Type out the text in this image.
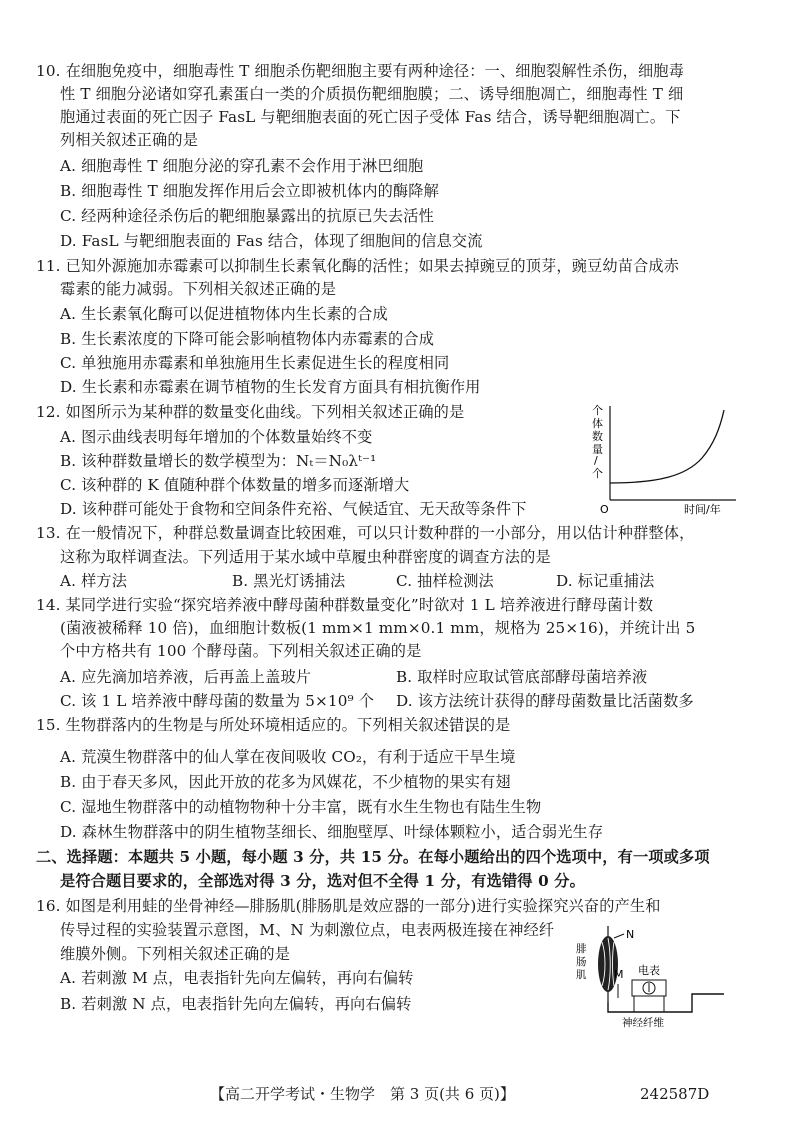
10. 在细胞免疫中，细胞毒性 T 细胞杀伤靶细胞主要有两种途径：一、细胞裂解性杀伤，细胞毒
性 T 细胞分泌诸如穿孔素蛋白一类的介质损伤靶细胞膜；二、诱导细胞凋亡，细胞毒性 T 细
胞通过表面的死亡因子 FasL 与靶细胞表面的死亡因子受体 Fas 结合，诱导靶细胞凋亡。下
列相关叙述正确的是
A. 细胞毒性 T 细胞分泌的穿孔素不会作用于淋巴细胞
B. 细胞毒性 T 细胞发挥作用后会立即被机体内的酶降解
C. 经两种途径杀伤后的靶细胞暴露出的抗原已失去活性
D. FasL 与靶细胞表面的 Fas 结合，体现了细胞间的信息交流
11. 已知外源施加赤霉素可以抑制生长素氧化酶的活性；如果去掉豌豆的顶芽，豌豆幼苗合成赤
霉素的能力减弱。下列相关叙述正确的是
A. 生长素氧化酶可以促进植物体内生长素的合成
B. 生长素浓度的下降可能会影响植物体内赤霉素的合成
C. 单独施用赤霉素和单独施用生长素促进生长的程度相同
D. 生长素和赤霉素在调节植物的生长发育方面具有相抗衡作用
12. 如图所示为某种群的数量变化曲线。下列相关叙述正确的是
A. 图示曲线表明每年增加的个体数量始终不变
B. 该种群数量增长的数学模型为：Nₜ＝N₀λᵗ⁻¹
C. 该种群的 K 值随种群个体数量的增多而逐渐增大
D. 该种群可能处于食物和空间条件充裕、气候适宜、无天敌等条件下
个
体
数
量
/
个
O	时间/年
13. 在一般情况下，种群总数量调查比较困难，可以只计数种群的一小部分，用以估计种群整体，
这称为取样调查法。下列适用于某水域中草履虫种群密度的调查方法的是
A. 样方法	B. 黑光灯诱捕法	C. 抽样检测法	D. 标记重捕法
14. 某同学进行实验“探究培养液中酵母菌种群数量变化”时欲对 1 L 培养液进行酵母菌计数
(菌液被稀释 10 倍)，血细胞计数板(1 mm×1 mm×0.1 mm，规格为 25×16)，并统计出 5
个中方格共有 100 个酵母菌。下列相关叙述正确的是
A. 应先滴加培养液，后再盖上盖玻片	B. 取样时应取试管底部酵母菌培养液
C. 该 1 L 培养液中酵母菌的数量为 5×10⁹ 个 D. 该方法统计获得的酵母菌数量比活菌数多
15. 生物群落内的生物是与所处环境相适应的。下列相关叙述错误 • •的是
A. 荒漠生物群落中的仙人掌在夜间吸收 CO₂，有利于适应干旱生境
B. 由于春天多风，因此开放的花多为风媒花，不少植物的果实有翅
C. 湿地生物群落中的动植物物种十分丰富，既有水生生物也有陆生生物
D. 森林生物群落中的阴生植物茎细长、细胞壁厚、叶绿体颗粒小，适合弱光生存
二、选择题：本题共 5 小题，每小题 3 分，共 15 分。在每小题给出的四个选项中，有一项或多项
是符合题目要求的，全部选对得 3 分，选对但不全得 1 分，有选错得 0 分。
16. 如图是利用蛙的坐骨神经—腓肠肌(腓肠肌是效应器的一部分)进行实验探究兴奋的产生和
传导过程的实验装置示意图，M、N 为刺激位点，电表两极连接在神经纤
维膜外侧。下列相关叙述正确的是
A. 若刺激 M 点，电表指针先向左偏转，再向右偏转
B. 若刺激 N 点，电表指针先向左偏转，再向右偏转
腓
肠
肌
N
M 电表
神经纤维
【高二开学考试・生物学　第 3 页(共 6 页)】	242587D
